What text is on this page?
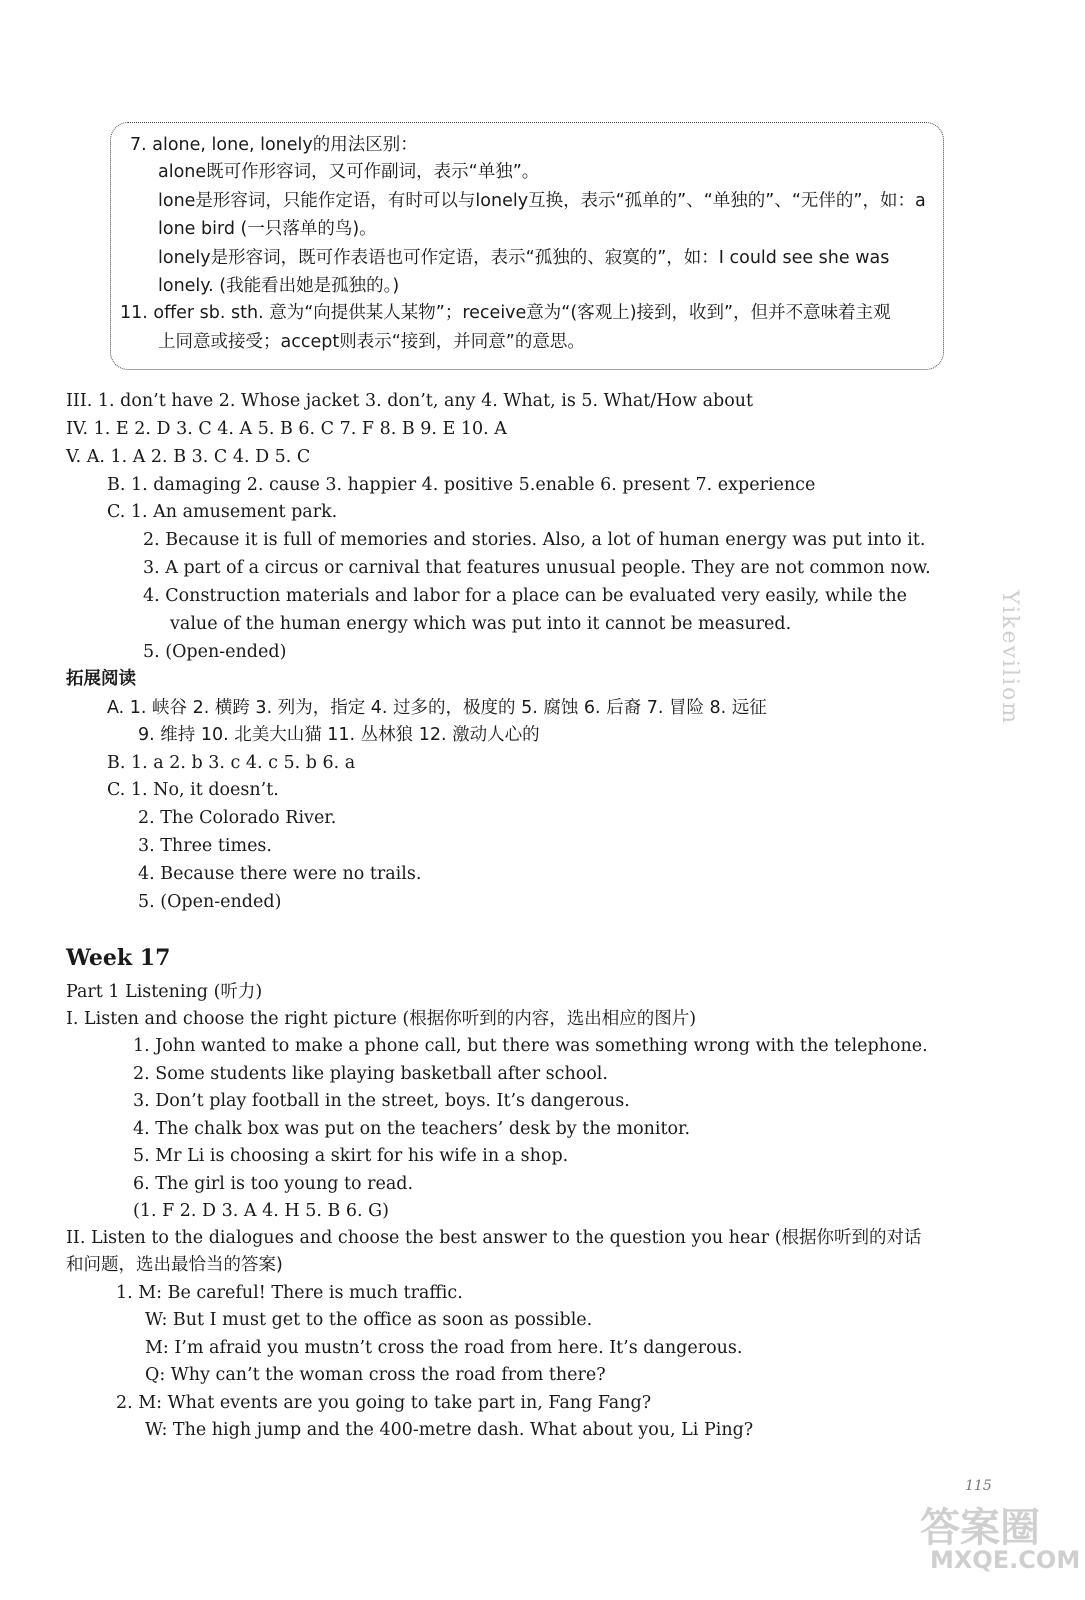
7. alone, lone, lonely的用法区别：
alone既可作形容词，又可作副词，表示“单独”。
lone是形容词，只能作定语，有时可以与lonely互换，表示“孤单的”、“单独的”、“无伴的”，如：a
lone bird (一只落单的鸟)。
lonely是形容词，既可作表语也可作定语，表示“孤独的、寂寞的”，如：I could see she was
lonely. (我能看出她是孤独的。)
11. offer sb. sth. 意为“向提供某人某物”；receive意为“(客观上)接到，收到”，但并不意味着主观
上同意或接受；accept则表示“接到，并同意”的意思。
III. 1. don’t have 2. Whose jacket 3. don’t, any 4. What, is 5. What/How about
IV. 1. E 2. D 3. C 4. A 5. B 6. C 7. F 8. B 9. E 10. A
V. A. 1. A 2. B 3. C 4. D 5. C
B. 1. damaging 2. cause 3. happier 4. positive 5.enable 6. present 7. experience
C. 1. An amusement park.
2. Because it is full of memories and stories. Also, a lot of human energy was put into it.
3. A part of a circus or carnival that features unusual people. They are not common now.
4. Construction materials and labor for a place can be evaluated very easily, while the
value of the human energy which was put into it cannot be measured.
5. (Open-ended)
拓展阅读
A. 1. 峡谷 2. 横跨 3. 列为，指定 4. 过多的，极度的 5. 腐蚀 6. 后裔 7. 冒险 8. 远征
9. 维持 10. 北美大山猫 11. 丛林狼 12. 激动人心的
B. 1. a 2. b 3. c 4. c 5. b 6. a
C. 1. No, it doesn’t.
2. The Colorado River.
3. Three times.
4. Because there were no trails.
5. (Open-ended)
Week 17
Part 1 Listening (听力)
I. Listen and choose the right picture (根据你听到的内容，选出相应的图片)
1. John wanted to make a phone call, but there was something wrong with the telephone.
2. Some students like playing basketball after school.
3. Don’t play football in the street, boys. It’s dangerous.
4. The chalk box was put on the teachers’ desk by the monitor.
5. Mr Li is choosing a skirt for his wife in a shop.
6. The girl is too young to read.
(1. F 2. D 3. A 4. H 5. B 6. G)
II. Listen to the dialogues and choose the best answer to the question you hear (根据你听到的对话
和问题，选出最恰当的答案)
1. M: Be careful! There is much traffic.
W: But I must get to the office as soon as possible.
M: I’m afraid you mustn’t cross the road from here. It’s dangerous.
Q: Why can’t the woman cross the road from there?
2. M: What events are you going to take part in, Fang Fang?
W: The high jump and the 400-metre dash. What about you, Li Ping?
Yikeviliom
115
答案圈
MXQE.COM
